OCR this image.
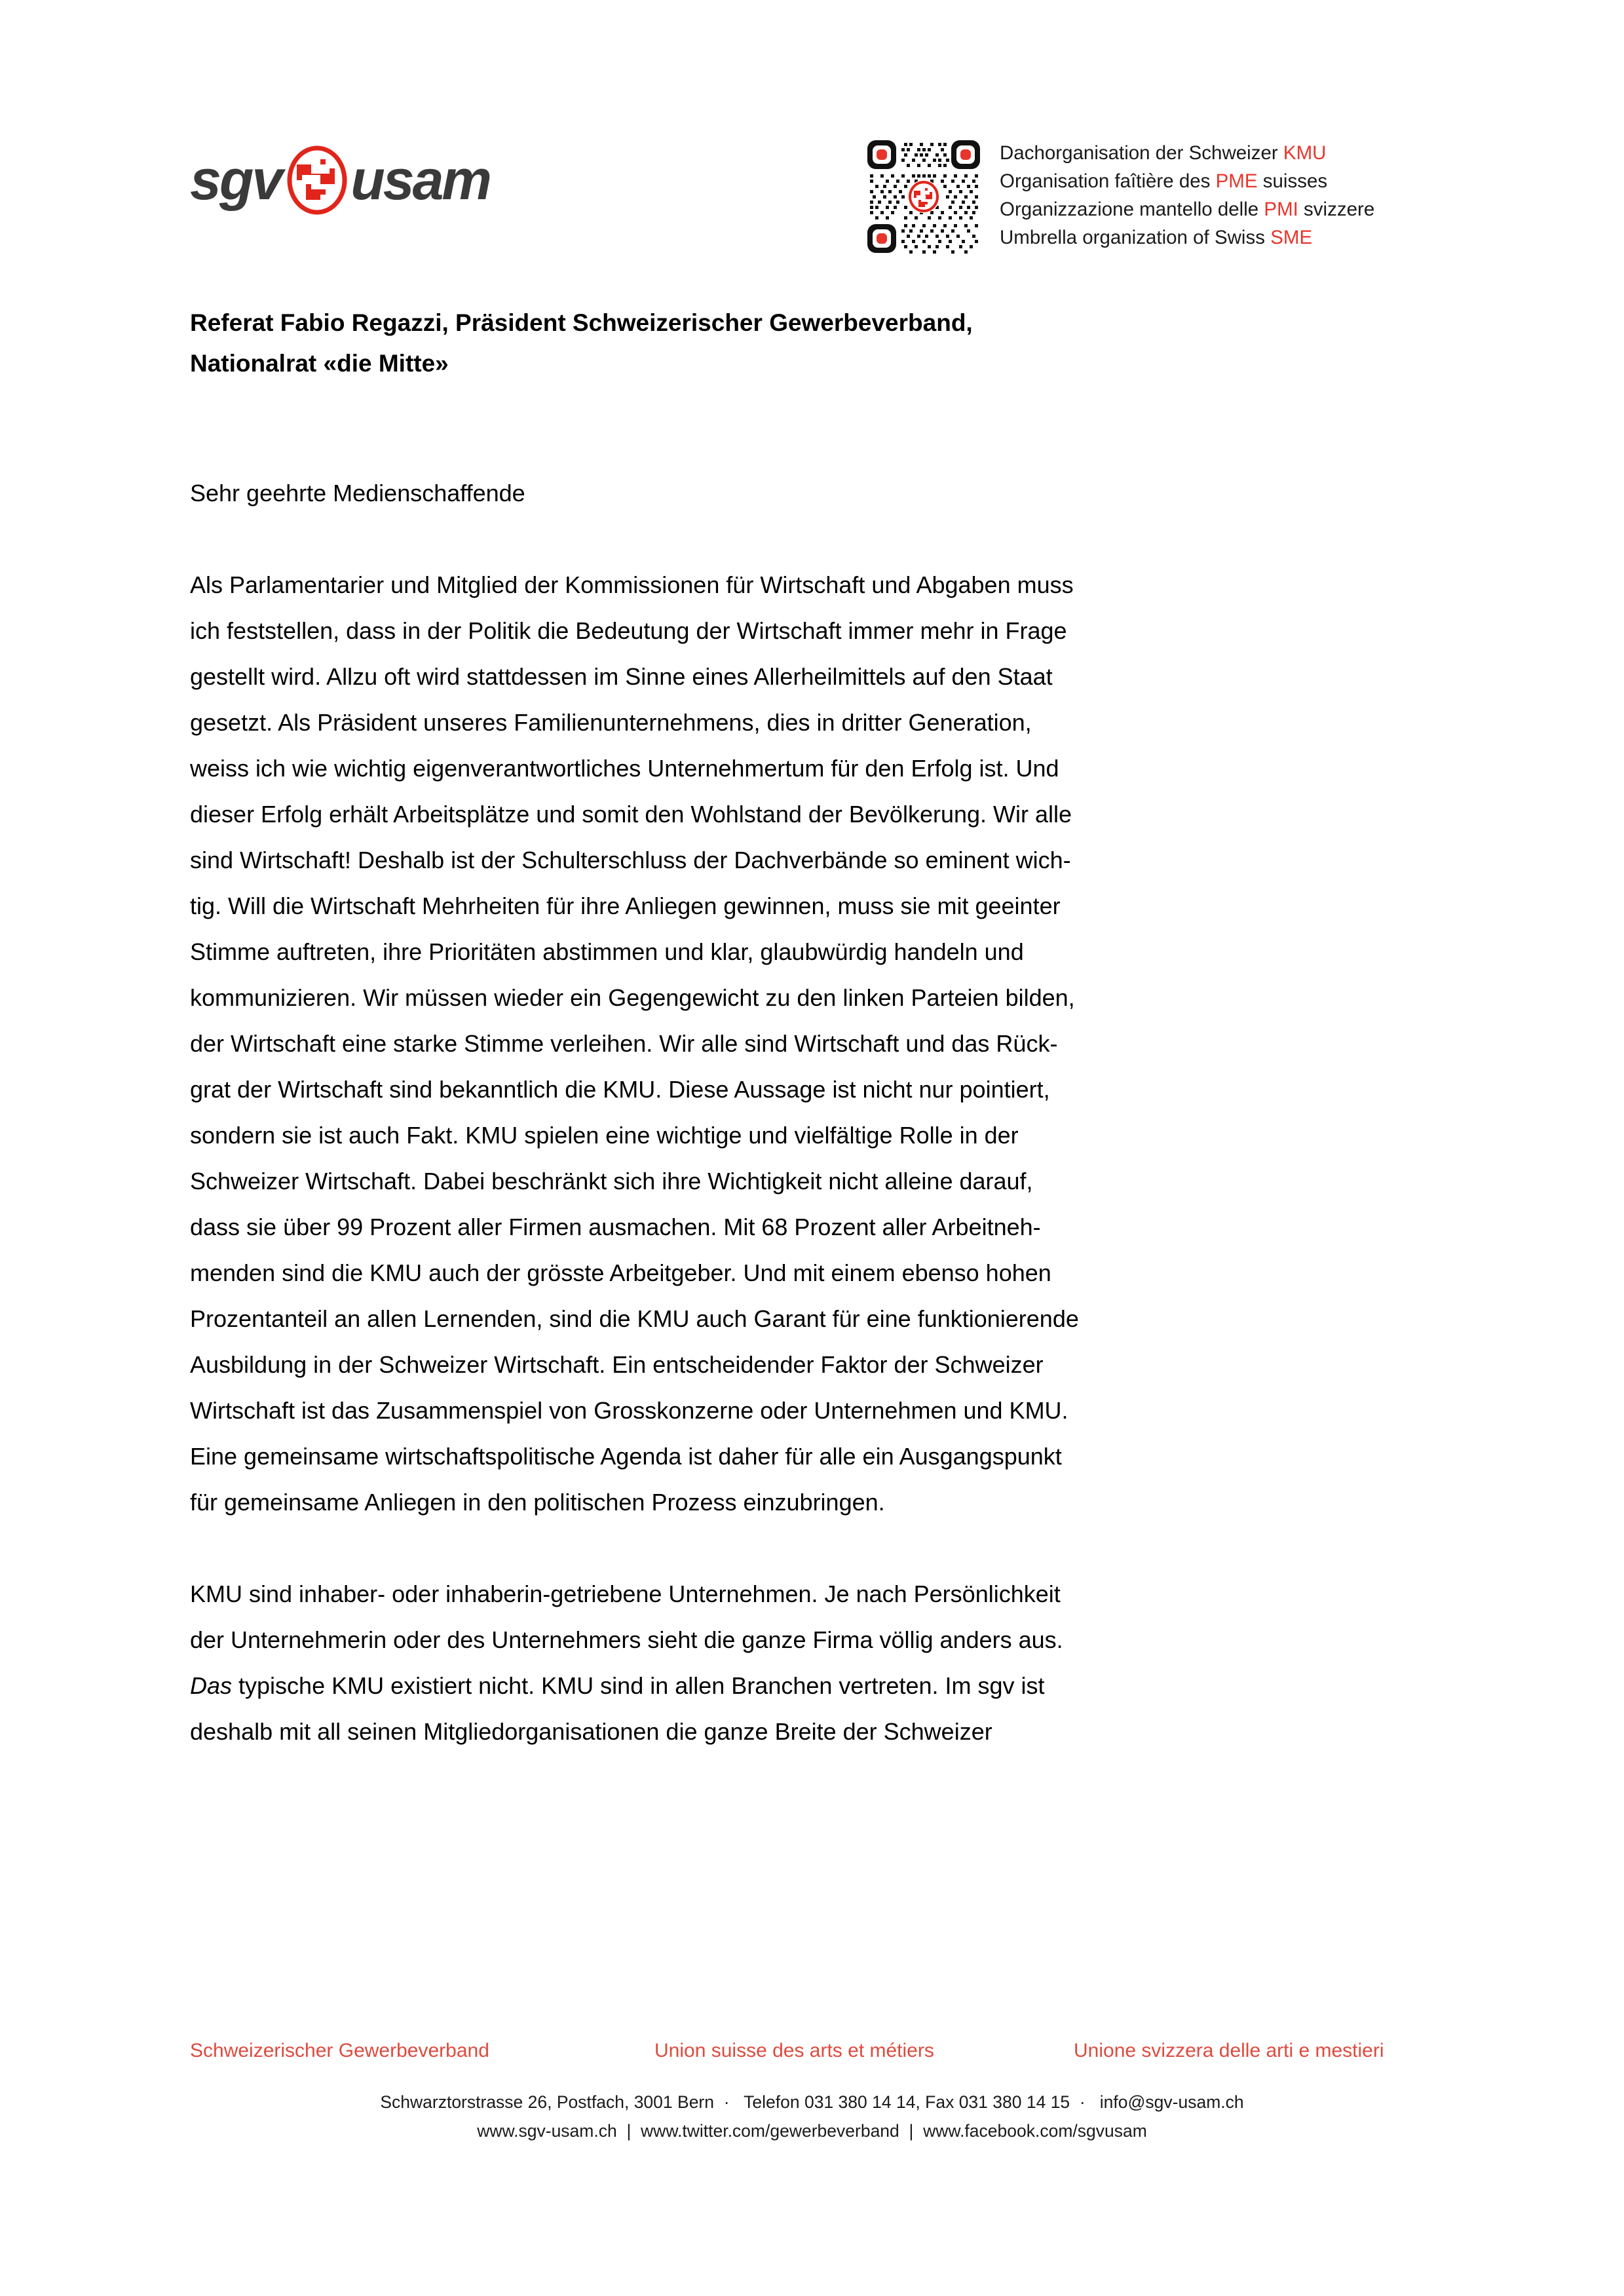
sgv usam	Dachorganisation der Schweizer KMU
Organisation faîtière des PME suisses
Organizzazione mantello delle PMI svizzere
Umbrella organization of Swiss SME
Referat Fabio Regazzi, Präsident Schweizerischer Gewerbeverband,
Nationalrat «die Mitte»
Sehr geehrte Medienschaffende
Als Parlamentarier und Mitglied der Kommissionen für Wirtschaft und Abgaben muss
ich feststellen, dass in der Politik die Bedeutung der Wirtschaft immer mehr in Frage
gestellt wird. Allzu oft wird stattdessen im Sinne eines Allerheilmittels auf den Staat
gesetzt. Als Präsident unseres Familienunternehmens, dies in dritter Generation,
weiss ich wie wichtig eigenverantwortliches Unternehmertum für den Erfolg ist. Und
dieser Erfolg erhält Arbeitsplätze und somit den Wohlstand der Bevölkerung. Wir alle
sind Wirtschaft! Deshalb ist der Schulterschluss der Dachverbände so eminent wich-
tig. Will die Wirtschaft Mehrheiten für ihre Anliegen gewinnen, muss sie mit geeinter
Stimme auftreten, ihre Prioritäten abstimmen und klar, glaubwürdig handeln und
kommunizieren. Wir müssen wieder ein Gegengewicht zu den linken Parteien bilden,
der Wirtschaft eine starke Stimme verleihen. Wir alle sind Wirtschaft und das Rück-
grat der Wirtschaft sind bekanntlich die KMU. Diese Aussage ist nicht nur pointiert,
sondern sie ist auch Fakt. KMU spielen eine wichtige und vielfältige Rolle in der
Schweizer Wirtschaft. Dabei beschränkt sich ihre Wichtigkeit nicht alleine darauf,
dass sie über 99 Prozent aller Firmen ausmachen. Mit 68 Prozent aller Arbeitneh-
menden sind die KMU auch der grösste Arbeitgeber. Und mit einem ebenso hohen
Prozentanteil an allen Lernenden, sind die KMU auch Garant für eine funktionierende
Ausbildung in der Schweizer Wirtschaft. Ein entscheidender Faktor der Schweizer
Wirtschaft ist das Zusammenspiel von Grosskonzerne oder Unternehmen und KMU.
Eine gemeinsame wirtschaftspolitische Agenda ist daher für alle ein Ausgangspunkt
für gemeinsame Anliegen in den politischen Prozess einzubringen.
KMU sind inhaber- oder inhaberin-getriebene Unternehmen. Je nach Persönlichkeit
der Unternehmerin oder des Unternehmers sieht die ganze Firma völlig anders aus.
Das typische KMU existiert nicht. KMU sind in allen Branchen vertreten. Im sgv ist
deshalb mit all seinen Mitgliedorganisationen die ganze Breite der Schweizer
Schweizerischer Gewerbeverband	Union suisse des arts et métiers	Unione svizzera delle arti e mestieri
Schwarztorstrasse 26, Postfach, 3001 Bern  ·   Telefon 031 380 14 14, Fax 031 380 14 15  ·   info@sgv-usam.ch
www.sgv-usam.ch  |  www.twitter.com/gewerbeverband  |  www.facebook.com/sgvusam
